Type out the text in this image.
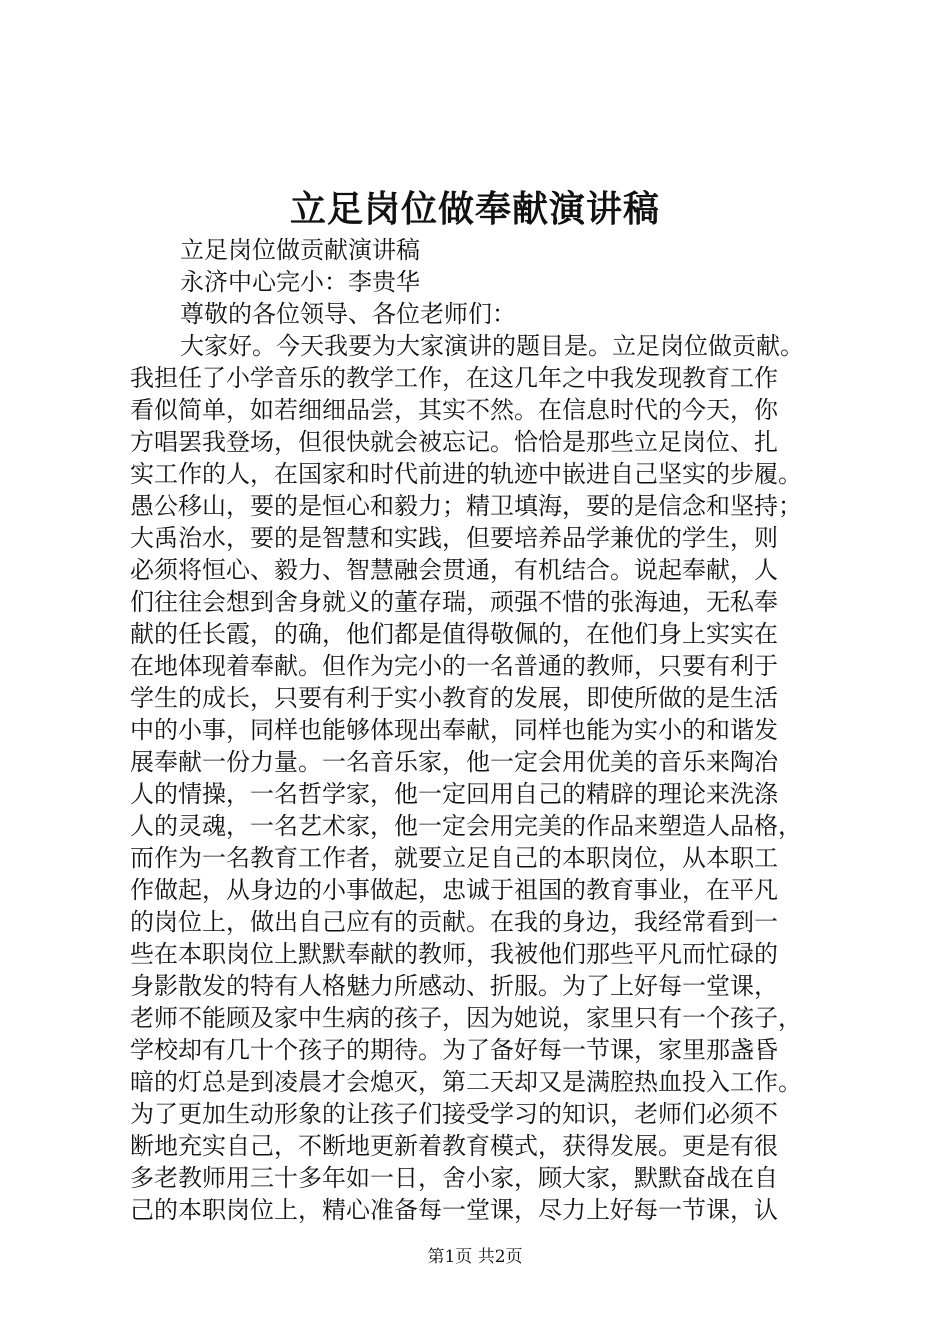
立足岗位做奉献演讲稿
立足岗位做贡献演讲稿
永济中心完小：李贵华
尊敬的各位领导、各位老师们：
大家好。今天我要为大家演讲的题目是。立足岗位做贡献。
我担任了小学音乐的教学工作，在这几年之中我发现教育工作
看似简单，如若细细品尝，其实不然。在信息时代的今天，你
方唱罢我登场，但很快就会被忘记。恰恰是那些立足岗位、扎
实工作的人，在国家和时代前进的轨迹中嵌进自己坚实的步履。
愚公移山，要的是恒心和毅力；精卫填海，要的是信念和坚持；
大禹治水，要的是智慧和实践，但要培养品学兼优的学生，则
必须将恒心、毅力、智慧融会贯通，有机结合。说起奉献，人
们往往会想到舍身就义的董存瑞，顽强不惜的张海迪，无私奉
献的任长霞，的确，他们都是值得敬佩的，在他们身上实实在
在地体现着奉献。但作为完小的一名普通的教师，只要有利于
学生的成长，只要有利于实小教育的发展，即使所做的是生活
中的小事，同样也能够体现出奉献，同样也能为实小的和谐发
展奉献一份力量。一名音乐家，他一定会用优美的音乐来陶冶
人的情操，一名哲学家，他一定回用自己的精辟的理论来洗涤
人的灵魂，一名艺术家，他一定会用完美的作品来塑造人品格，
而作为一名教育工作者，就要立足自己的本职岗位，从本职工
作做起，从身边的小事做起，忠诚于祖国的教育事业，在平凡
的岗位上，做出自己应有的贡献。在我的身边，我经常看到一
些在本职岗位上默默奉献的教师，我被他们那些平凡而忙碌的
身影散发的特有人格魅力所感动、折服。为了上好每一堂课，
老师不能顾及家中生病的孩子，因为她说，家里只有一个孩子，
学校却有几十个孩子的期待。为了备好每一节课，家里那盏昏
暗的灯总是到凌晨才会熄灭，第二天却又是满腔热血投入工作。
为了更加生动形象的让孩子们接受学习的知识，老师们必须不
断地充实自己，不断地更新着教育模式，获得发展。更是有很
多老教师用三十多年如一日，舍小家，顾大家，默默奋战在自
己的本职岗位上，精心准备每一堂课，尽力上好每一节课，认
第1页 共2页
